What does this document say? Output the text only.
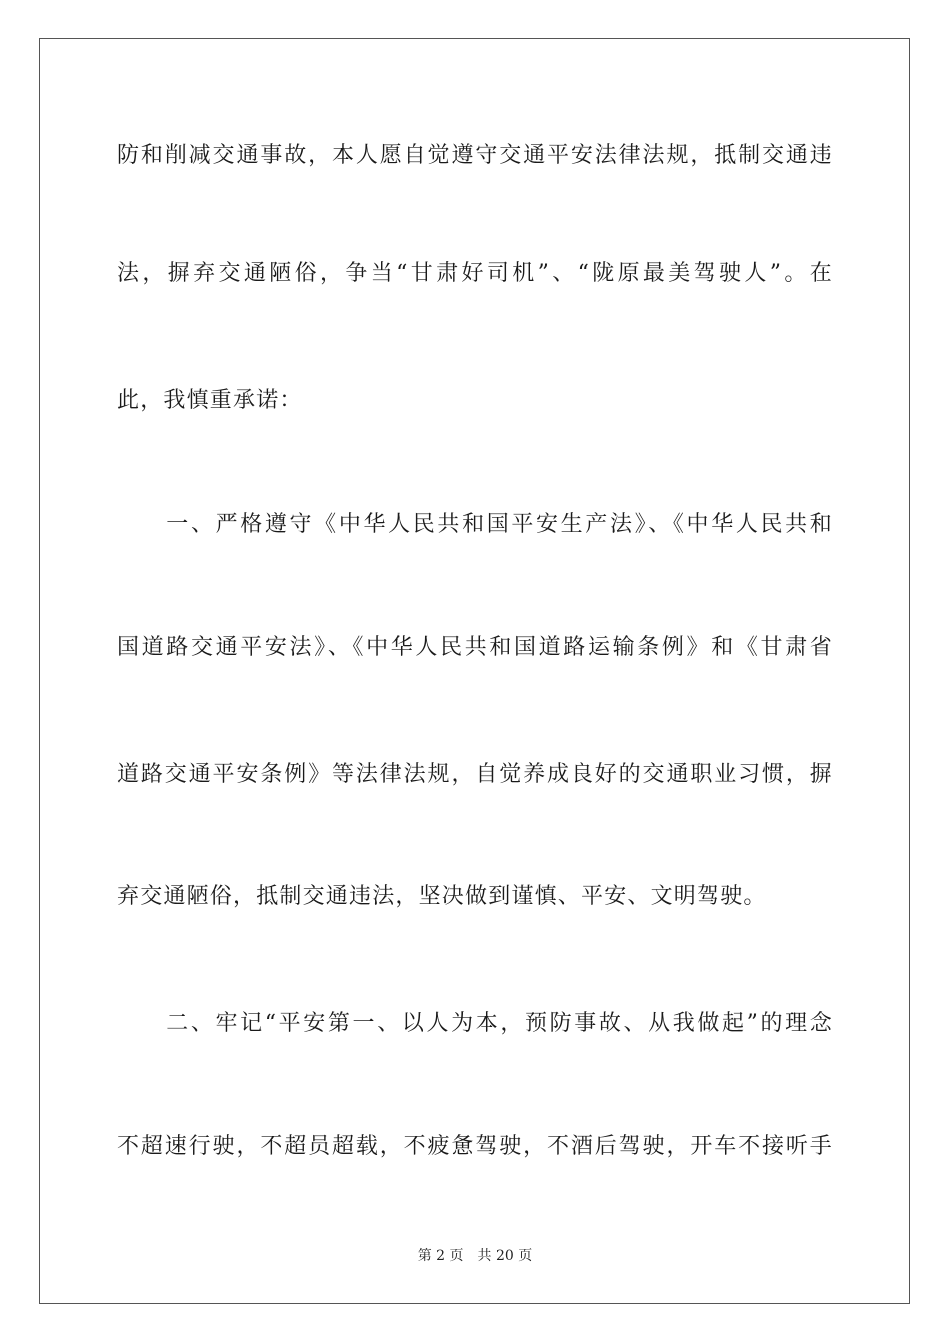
防和削减交通事故，本人愿自觉遵守交通平安法律法规，抵制交通违
法，摒弃交通陋俗，争当“甘肃好司机”、“陇原最美驾驶人”。在
此，我慎重承诺：
　　一、严格遵守《中华人民共和国平安生产法》、《中华人民共和
国道路交通平安法》、《中华人民共和国道路运输条例》和《甘肃省
道路交通平安条例》等法律法规，自觉养成良好的交通职业习惯，摒
弃交通陋俗，抵制交通违法，坚决做到谨慎、平安、文明驾驶。
　　二、牢记“平安第一、以人为本，预防事故、从我做起”的理念
不超速行驶，不超员超载，不疲惫驾驶，不酒后驾驶，开车不接听手
第 2 页 共 20 页
